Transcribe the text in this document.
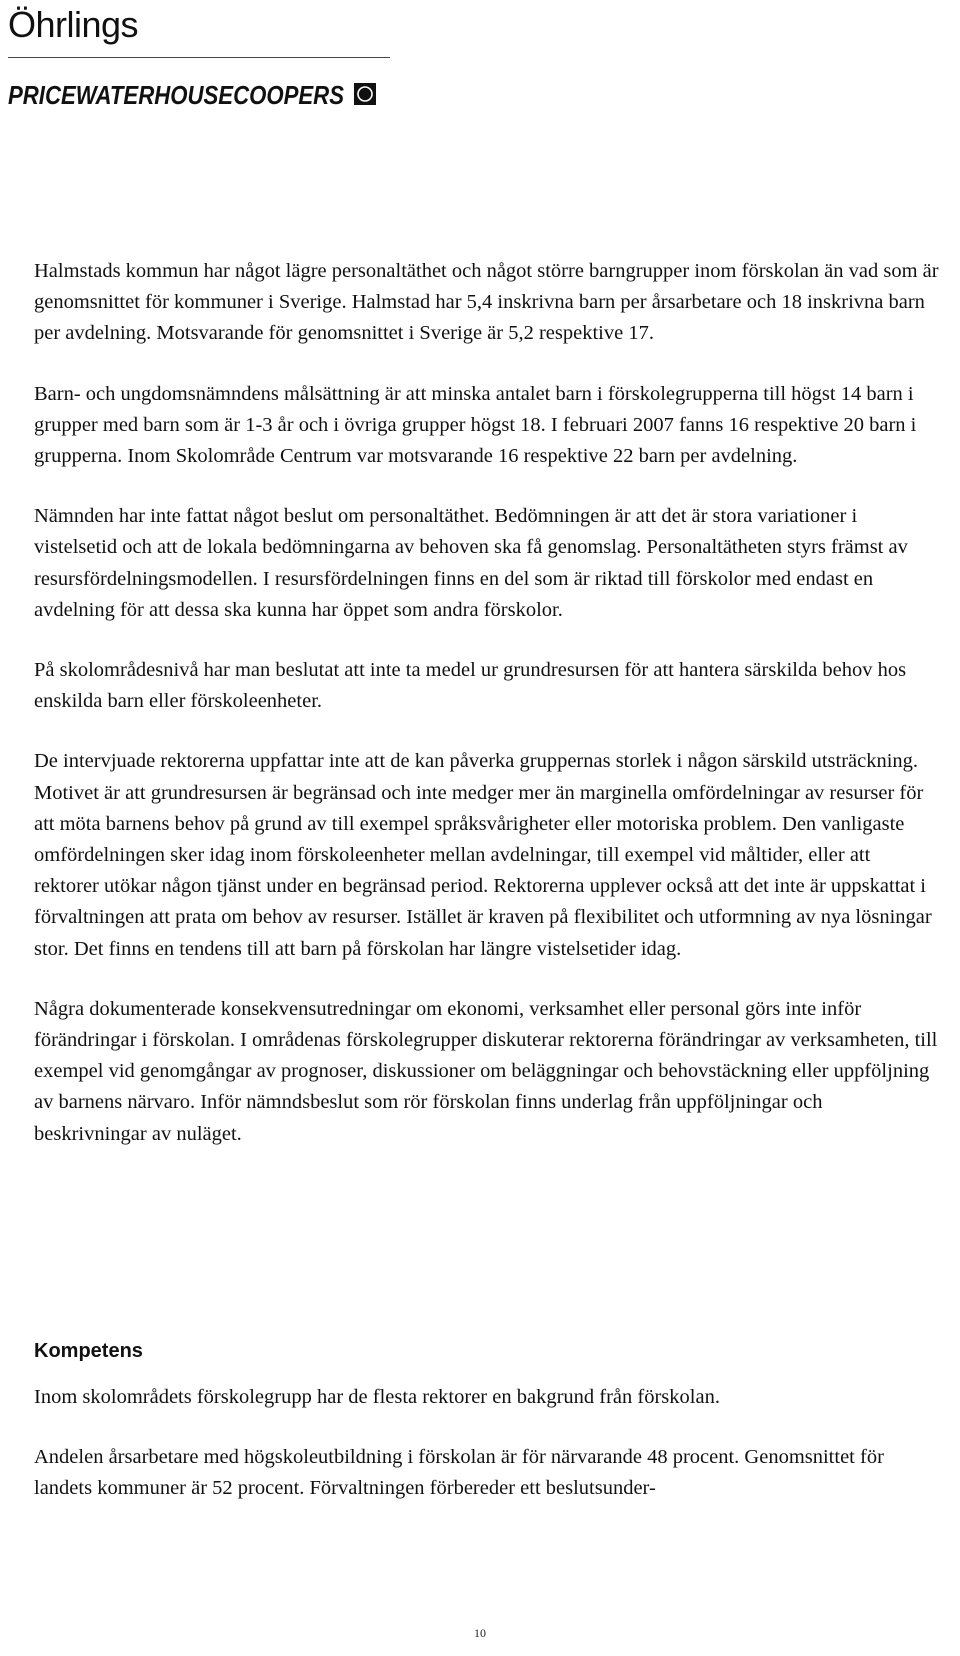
Öhrlings
PRICEWATERHOUSECOOPERS

Halmstads kommun har något lägre personaltäthet och något större barngrupper inom förskolan än vad som är genomsnittet för kommuner i Sverige. Halmstad har 5,4 inskrivna barn per årsarbetare och 18 inskrivna barn per avdelning. Motsvarande för genomsnittet i Sverige är 5,2 respektive 17.

Barn- och ungdomsnämndens målsättning är att minska antalet barn i förskolegrupperna till högst 14 barn i grupper med barn som är 1-3 år och i övriga grupper högst 18. I februari 2007 fanns 16 respektive 20 barn i grupperna. Inom Skolområde Centrum var motsvarande 16 respektive 22 barn per avdelning.

Nämnden har inte fattat något beslut om personaltäthet. Bedömningen är att det är stora variationer i vistelsetid och att de lokala bedömningarna av behoven ska få genomslag. Personaltätheten styrs främst av resursfördelningsmodellen. I resursfördelningen finns en del som är riktad till förskolor med endast en avdelning för att dessa ska kunna har öppet som andra förskolor.

På skolområdesnivå har man beslutat att inte ta medel ur grundresursen för att hantera särskilda behov hos enskilda barn eller förskoleenheter.

De intervjuade rektorerna uppfattar inte att de kan påverka gruppernas storlek i någon särskild utsträckning. Motivet är att grundresursen är begränsad och inte medger mer än marginella omfördelningar av resurser för att möta barnens behov på grund av till exempel språksvårigheter eller motoriska problem. Den vanligaste omfördelningen sker idag inom förskoleenheter mellan avdelningar, till exempel vid måltider, eller att rektorer utökar någon tjänst under en begränsad period. Rektorerna upplever också att det inte är uppskattat i förvaltningen att prata om behov av resurser. Istället är kraven på flexibilitet och utformning av nya lösningar stor. Det finns en tendens till att barn på förskolan har längre vistelsetider idag.

Några dokumenterade konsekvensutredningar om ekonomi, verksamhet eller personal görs inte inför förändringar i förskolan. I områdenas förskolegrupper diskuterar rektorerna förändringar av verksamheten, till exempel vid genomgångar av prognoser, diskussioner om beläggningar och behovstäckning eller uppföljning av barnens närvaro. Inför nämndsbeslut som rör förskolan finns underlag från uppföljningar och beskrivningar av nuläget.

Kompetens

Inom skolområdets förskolegrupp har de flesta rektorer en bakgrund från förskolan.

Andelen årsarbetare med högskoleutbildning i förskolan är för närvarande 48 procent. Genomsnittet för landets kommuner är 52 procent. Förvaltningen förbereder ett beslutsunder-

10
